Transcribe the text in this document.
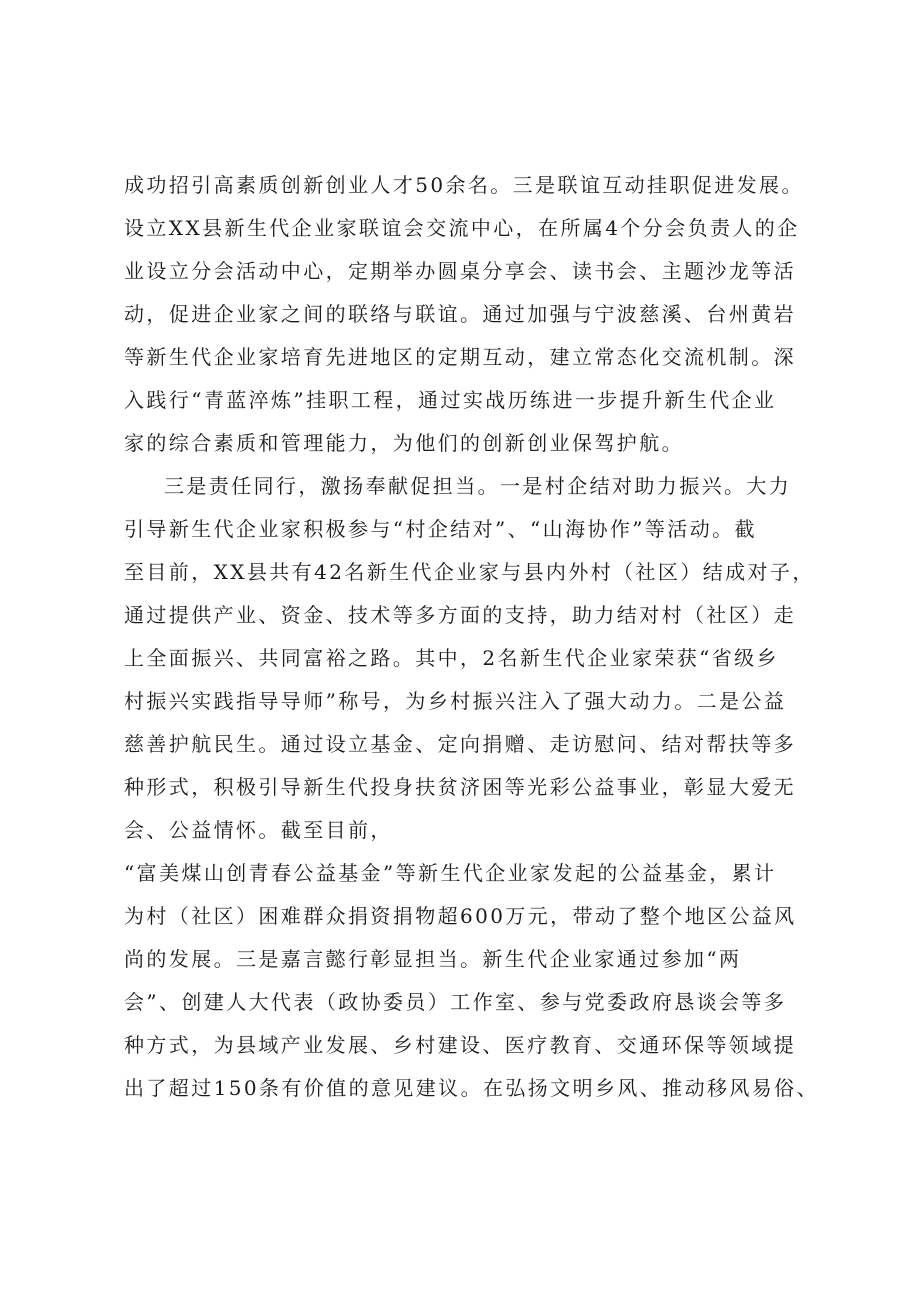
成功招引高素质创新创业人才50余名。三是联谊互动挂职促进发展。
设立XX县新生代企业家联谊会交流中心，在所属4个分会负责人的企
业设立分会活动中心，定期举办圆桌分享会、读书会、主题沙龙等活
动，促进企业家之间的联络与联谊。通过加强与宁波慈溪、台州黄岩
等新生代企业家培育先进地区的定期互动，建立常态化交流机制。深
入践行“青蓝淬炼”挂职工程，通过实战历练进一步提升新生代企业
家的综合素质和管理能力，为他们的创新创业保驾护航。
三是责任同行，激扬奉献促担当。一是村企结对助力振兴。大力
引导新生代企业家积极参与“村企结对”、“山海协作”等活动。截
至目前，XX县共有42名新生代企业家与县内外村（社区）结成对子，
通过提供产业、资金、技术等多方面的支持，助力结对村（社区）走
上全面振兴、共同富裕之路。其中，2名新生代企业家荣获“省级乡
村振兴实践指导导师”称号，为乡村振兴注入了强大动力。二是公益
慈善护航民生。通过设立基金、定向捐赠、走访慰问、结对帮扶等多
种形式，积极引导新生代投身扶贫济困等光彩公益事业，彰显大爱无
会、公益情怀。截至目前，
“富美煤山创青春公益基金”等新生代企业家发起的公益基金，累计
为村（社区）困难群众捐资捐物超600万元，带动了整个地区公益风
尚的发展。三是嘉言懿行彰显担当。新生代企业家通过参加“两
会”、创建人大代表（政协委员）工作室、参与党委政府恳谈会等多
种方式，为县域产业发展、乡村建设、医疗教育、交通环保等领域提
出了超过150条有价值的意见建议。在弘扬文明乡风、推动移风易俗、
